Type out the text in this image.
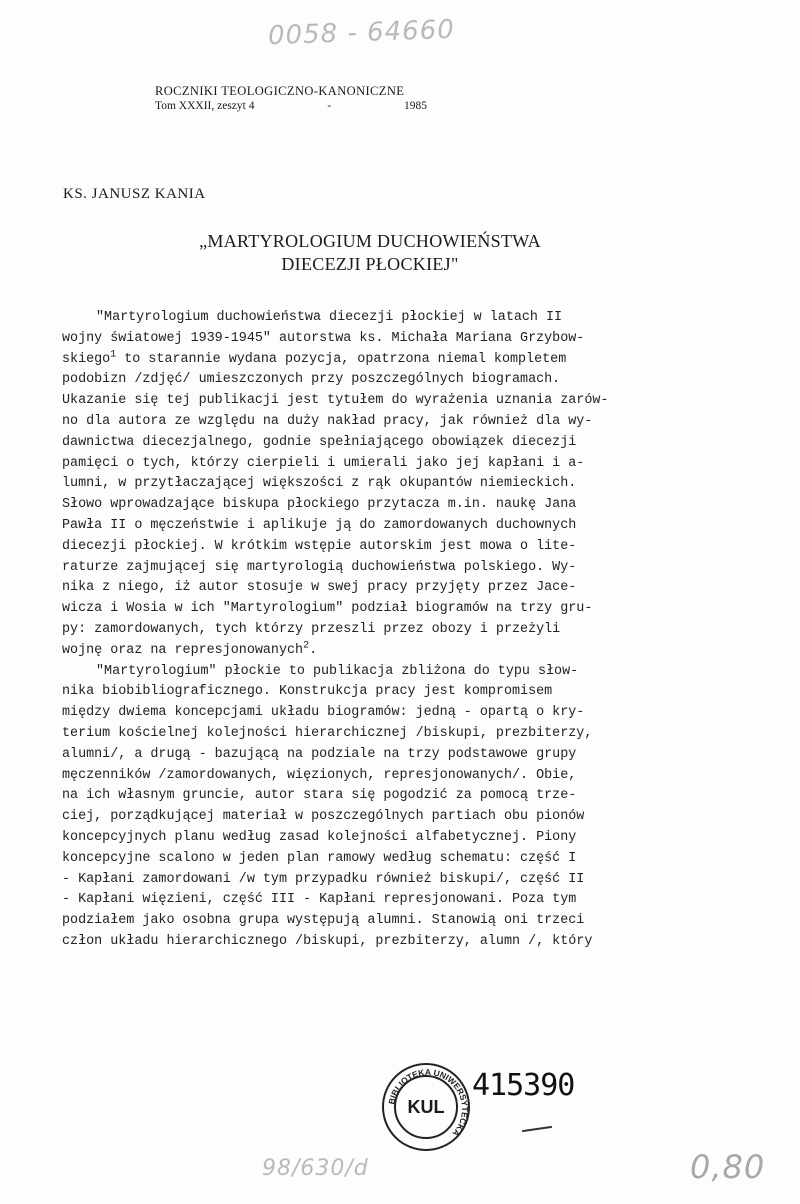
0058 - 64660
ROCZNIKI TEOLOGICZNO-KANONICZNE
Tom XXXII, zeszyt 4	-	1985
KS. JANUSZ KANIA
„MARTYROLOGIUM DUCHOWIEŃSTWA
DIECEZJI PŁOCKIEJ"
"Martyrologium duchowieństwa diecezji płockiej w latach II
wojny światowej 1939-1945" autorstwa ks. Michała Mariana Grzybow-
skiego$^1$ to starannie wydana pozycja, opatrzona niemal kompletem
podobizn /zdjęć/ umieszczonych przy poszczególnych biogramach.
Ukazanie się tej publikacji jest tytułem do wyrażenia uznania zarów-
no dla autora ze względu na duży nakład pracy, jak również dla wy-
dawnictwa diecezjalnego, godnie spełniającego obowiązek diecezji
pamięci o tych, którzy cierpieli i umierali jako jej kapłani i a-
lumni, w przytłaczającej większości z rąk okupantów niemieckich.
Słowo wprowadzające biskupa płockiego przytacza m.in. naukę Jana
Pawła II o męczeństwie i aplikuje ją do zamordowanych duchownych
diecezji płockiej. W krótkim wstępie autorskim jest mowa o lite-
raturze zajmującej się martyrologią duchowieństwa polskiego. Wy-
nika z niego, iż autor stosuje w swej pracy przyjęty przez Jace-
wicza i Wosia w ich "Martyrologium" podział biogramów na trzy gru-
py: zamordowanych, tych którzy przeszli przez obozy i przeżyli
wojnę oraz na represjonowanych$^2$.
"Martyrologium" płockie to publikacja zbliżona do typu słow-
nika biobibliograficznego. Konstrukcja pracy jest kompromisem
między dwiema koncepcjami układu biogramów: jedną - opartą o kry-
terium kościelnej kolejności hierarchicznej /biskupi, prezbiterzy,
alumni/, a drugą - bazującą na podziale na trzy podstawowe grupy
męczenników /zamordowanych, więzionych, represjonowanych/. Obie,
na ich własnym gruncie, autor stara się pogodzić za pomocą trze-
ciej, porządkującej materiał w poszczególnych partiach obu pionów
koncepcyjnych planu według zasad kolejności alfabetycznej. Piony
koncepcyjne scalono w jeden plan ramowy według schematu: część I
- Kapłani zamordowani /w tym przypadku również biskupi/, część II
- Kapłani więzieni, część III - Kapłani represjonowani. Poza tym
podziałem jako osobna grupa występują alumni. Stanowią oni trzeci
człon układu hierarchicznego /biskupi, prezbiterzy, alumn /, który
BIBLIOTEKA UNIWERSYTECKA
KUL
415390
98/630/d	0,80
